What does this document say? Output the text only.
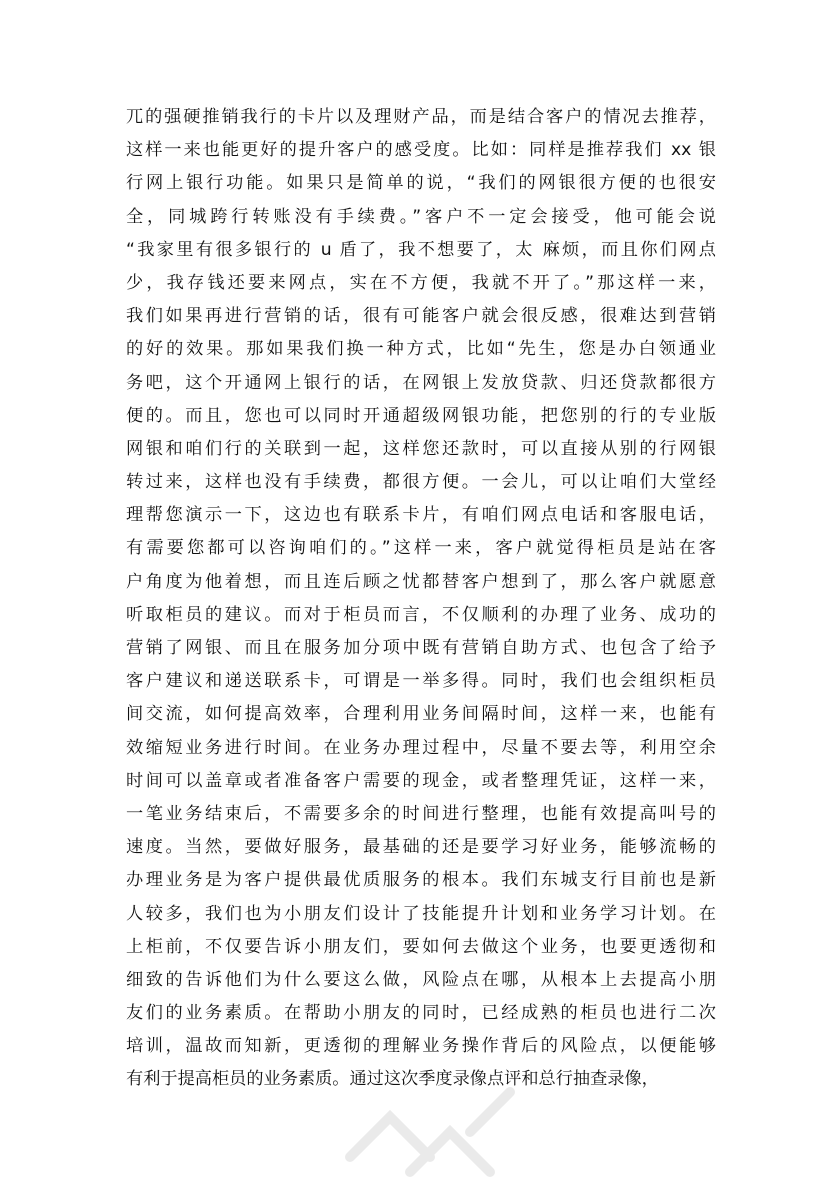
兀的强硬推销我行的卡片以及理财产品，而是结合客户的情况去推荐，
这样一来也能更好的提升客户的感受度。比如：同样是推荐我们 xx 银
行网上银行功能。如果只是简单的说，“我们的网银很方便的也很安
全，同城跨行转账没有手续费。”客户不一定会接受，他可能会说
“我家里有很多银行的 u 盾了，我不想要了，太 麻烦，而且你们网点
少，我存钱还要来网点，实在不方便，我就不开了。”那这样一来，
我们如果再进行营销的话，很有可能客户就会很反感，很难达到营销
的好的效果。那如果我们换一种方式，比如“先生，您是办白领通业
务吧，这个开通网上银行的话，在网银上发放贷款、归还贷款都很方
便的。而且，您也可以同时开通超级网银功能，把您别的行的专业版
网银和咱们行的关联到一起，这样您还款时，可以直接从别的行网银
转过来，这样也没有手续费，都很方便。一会儿，可以让咱们大堂经
理帮您演示一下，这边也有联系卡片，有咱们网点电话和客服电话，
有需要您都可以咨询咱们的。”这样一来，客户就觉得柜员是站在客
户角度为他着想，而且连后顾之忧都替客户想到了，那么客户就愿意
听取柜员的建议。而对于柜员而言，不仅顺利的办理了业务、成功的
营销了网银、而且在服务加分项中既有营销自助方式、也包含了给予
客户建议和递送联系卡，可谓是一举多得。同时，我们也会组织柜员
间交流，如何提高效率，合理利用业务间隔时间，这样一来，也能有
效缩短业务进行时间。在业务办理过程中，尽量不要去等，利用空余
时间可以盖章或者准备客户需要的现金，或者整理凭证，这样一来，
一笔业务结束后，不需要多余的时间进行整理，也能有效提高叫号的
速度。当然，要做好服务，最基础的还是要学习好业务，能够流畅的
办理业务是为客户提供最优质服务的根本。我们东城支行目前也是新
人较多，我们也为小朋友们设计了技能提升计划和业务学习计划。在
上柜前，不仅要告诉小朋友们，要如何去做这个业务，也要更透彻和
细致的告诉他们为什么要这么做，风险点在哪，从根本上去提高小朋
友们的业务素质。在帮助小朋友的同时，已经成熟的柜员也进行二次
培训，温故而知新，更透彻的理解业务操作背后的风险点，以便能够
有利于提高柜员的业务素质。通过这次季度录像点评和总行抽查录像，
